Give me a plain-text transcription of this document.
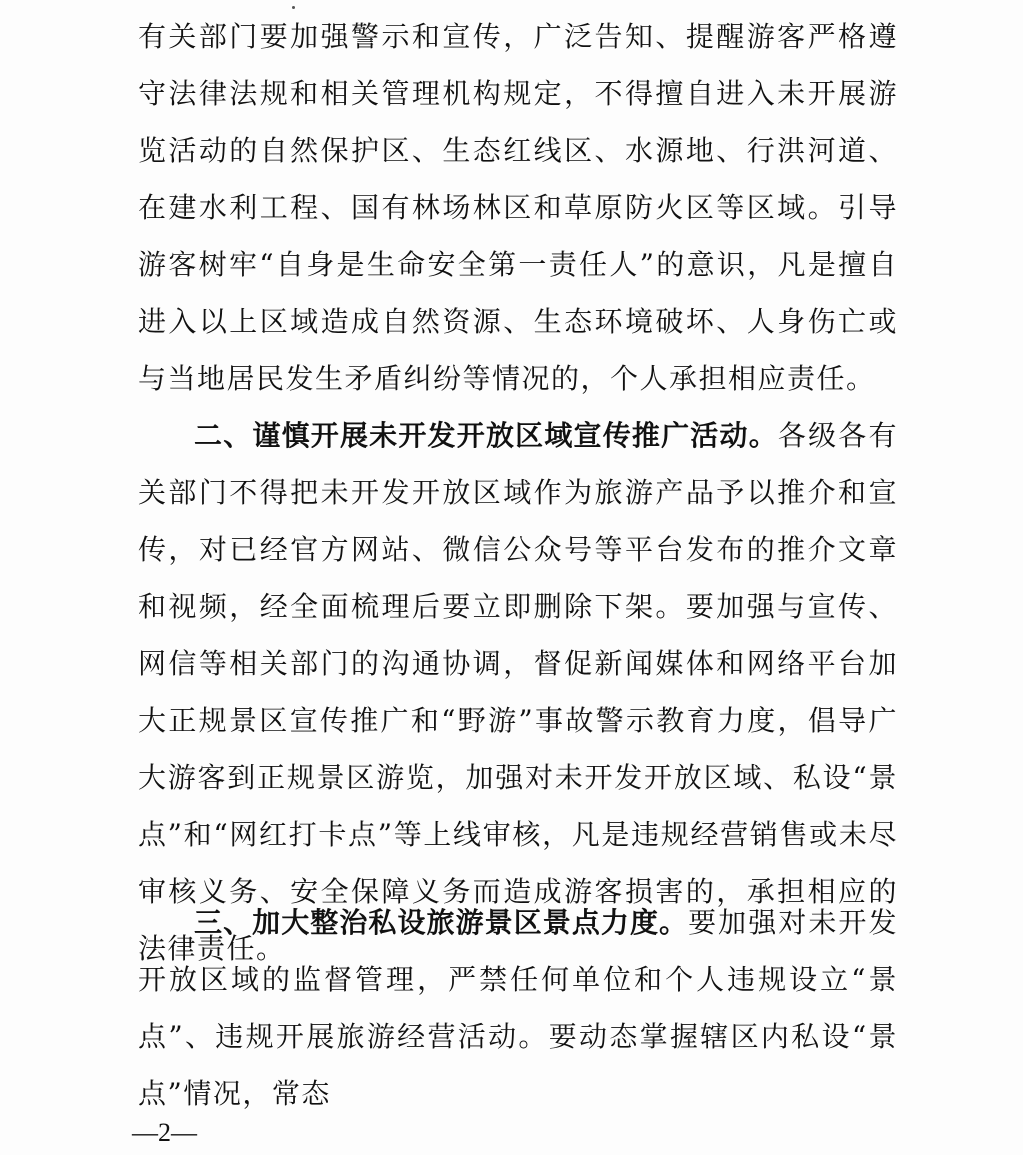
有关部门要加强警示和宣传，广泛告知、提醒游客严格遵守法律法规和相关管理机构规定，不得擅自进入未开展游览活动的自然保护区、生态红线区、水源地、行洪河道、在建水利工程、国有林场林区和草原防火区等区域。引导游客树牢“自身是生命安全第一责任人”的意识，凡是擅自进入以上区域造成自然资源、生态环境破坏、人身伤亡或与当地居民发生矛盾纠纷等情况的，个人承担相应责任。

二、谨慎开展未开发开放区域宣传推广活动。各级各有关部门不得把未开发开放区域作为旅游产品予以推介和宣传，对已经官方网站、微信公众号等平台发布的推介文章和视频，经全面梳理后要立即删除下架。要加强与宣传、网信等相关部门的沟通协调，督促新闻媒体和网络平台加大正规景区宣传推广和“野游”事故警示教育力度，倡导广大游客到正规景区游览，加强对未开发开放区域、私设“景点”和“网红打卡点”等上线审核，凡是违规经营销售或未尽审核义务、安全保障义务而造成游客损害的，承担相应的法律责任。

三、加大整治私设旅游景区景点力度。要加强对未开发开放区域的监督管理，严禁任何单位和个人违规设立“景点”、违规开展旅游经营活动。要动态掌握辖区内私设“景点”情况，常态

—2—
